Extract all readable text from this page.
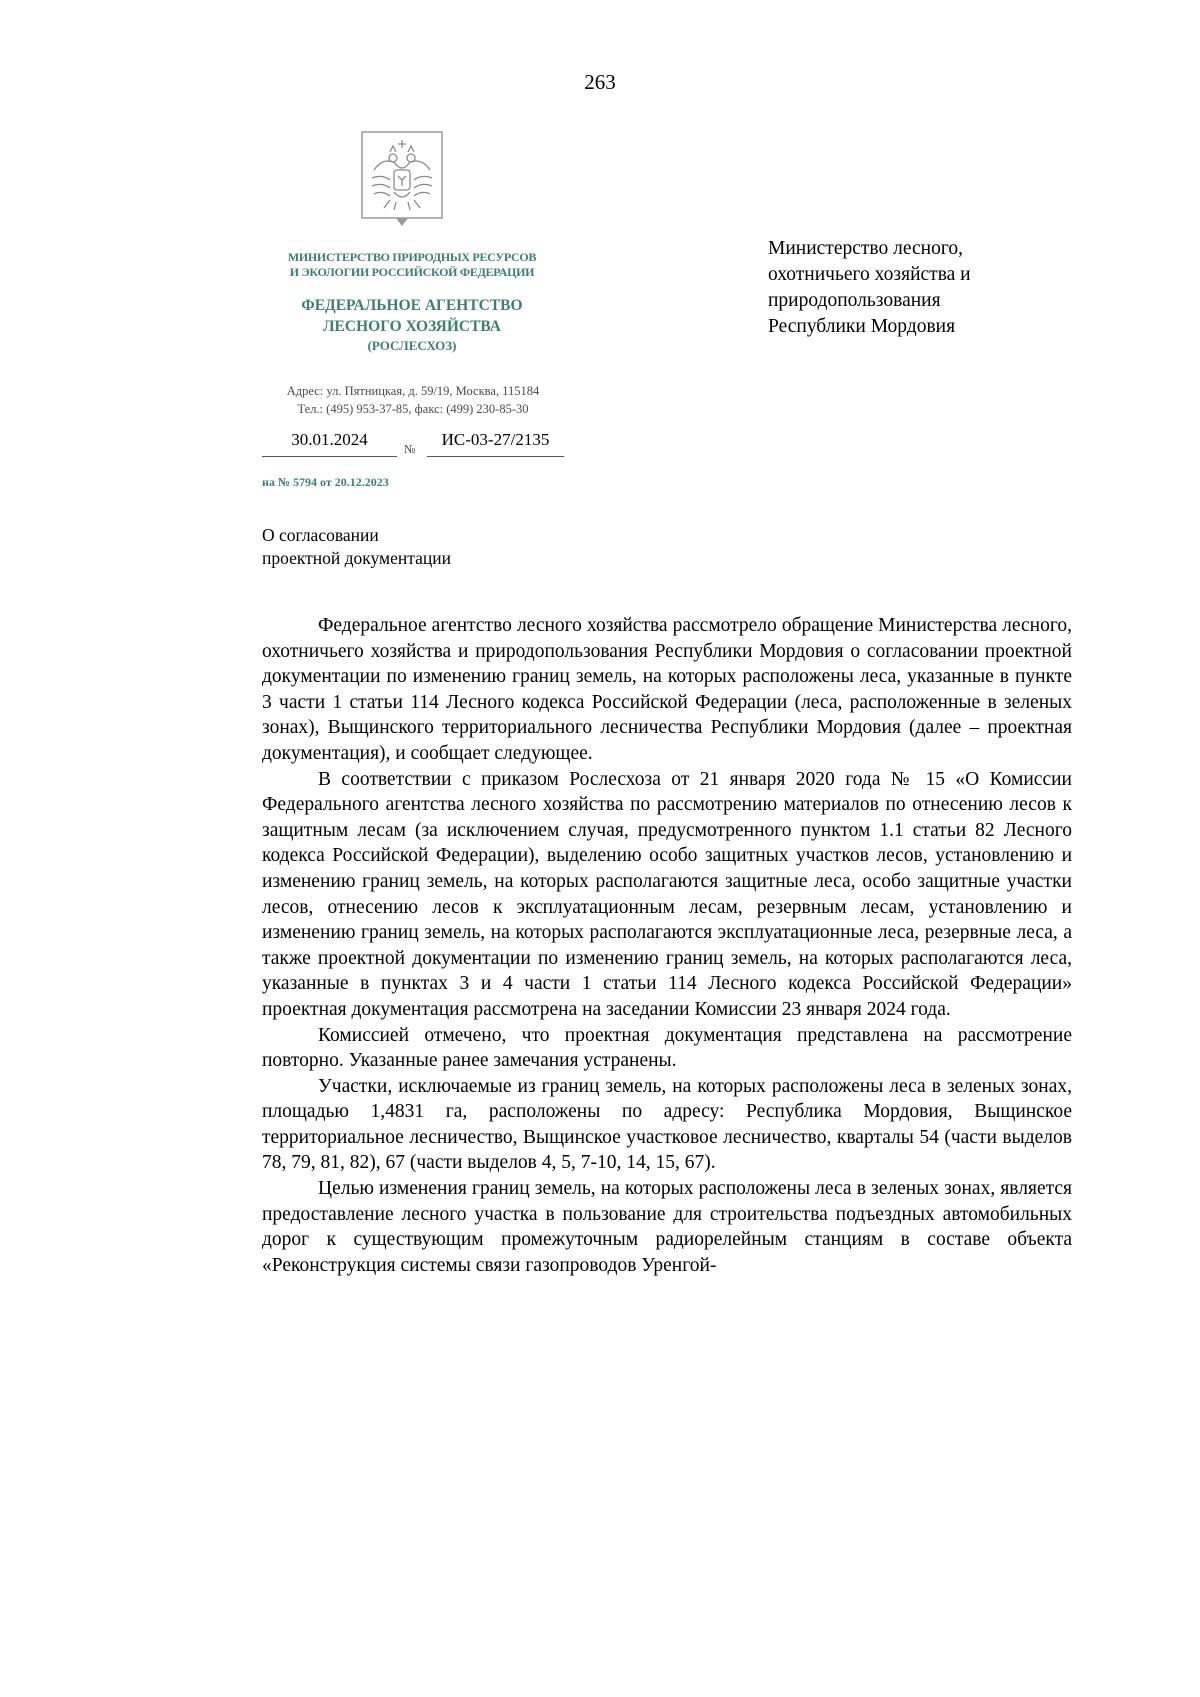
263
МИНИСТЕРСТВО ПРИРОДНЫХ РЕСУРСОВ
И ЭКОЛОГИИ РОССИЙСКОЙ ФЕДЕРАЦИИ
ФЕДЕРАЛЬНОЕ АГЕНТСТВО
ЛЕСНОГО ХОЗЯЙСТВА
(РОСЛЕСХОЗ)
Адрес: ул. Пятницкая, д. 59/19, Москва, 115184
Тел.: (495) 953-37-85, факс: (499) 230-85-30
30.01.2024	№	ИС-03-27/2135
на № 5794 от 20.12.2023
Министерство лесного,
охотничьего хозяйства и
природопользования
Республики Мордовия
О согласовании
проектной документации

Федеральное агентство лесного хозяйства рассмотрело обращение Министерства лесного, охотничьего хозяйства и природопользования Республики Мордовия о согласовании проектной документации по изменению границ земель, на которых расположены леса, указанные в пункте 3 части 1 статьи 114 Лесного кодекса Российской Федерации (леса, расположенные в зеленых зонах), Выщинского территориального лесничества Республики Мордовия (далее – проектная документация), и сообщает следующее.

В соответствии с приказом Рослесхоза от 21 января 2020 года № 15 «О Комиссии Федерального агентства лесного хозяйства по рассмотрению материалов по отнесению лесов к защитным лесам (за исключением случая, предусмотренного пунктом 1.1 статьи 82 Лесного кодекса Российской Федерации), выделению особо защитных участков лесов, установлению и изменению границ земель, на которых располагаются защитные леса, особо защитные участки лесов, отнесению лесов к эксплуатационным лесам, резервным лесам, установлению и изменению границ земель, на которых располагаются эксплуатационные леса, резервные леса, а также проектной документации по изменению границ земель, на которых располагаются леса, указанные в пунктах 3 и 4 части 1 статьи 114 Лесного кодекса Российской Федерации» проектная документация рассмотрена на заседании Комиссии 23 января 2024 года.

Комиссией отмечено, что проектная документация представлена на рассмотрение повторно. Указанные ранее замечания устранены.

Участки, исключаемые из границ земель, на которых расположены леса в зеленых зонах, площадью 1,4831 га, расположены по адресу: Республика Мордовия, Выщинское территориальное лесничество, Выщинское участковое лесничество, кварталы 54 (части выделов 78, 79, 81, 82), 67 (части выделов 4, 5, 7-10, 14, 15, 67).

Целью изменения границ земель, на которых расположены леса в зеленых зонах, является предоставление лесного участка в пользование для строительства подъездных автомобильных дорог к существующим промежуточным радиорелейным станциям в составе объекта «Реконструкция системы связи газопроводов Уренгой-
